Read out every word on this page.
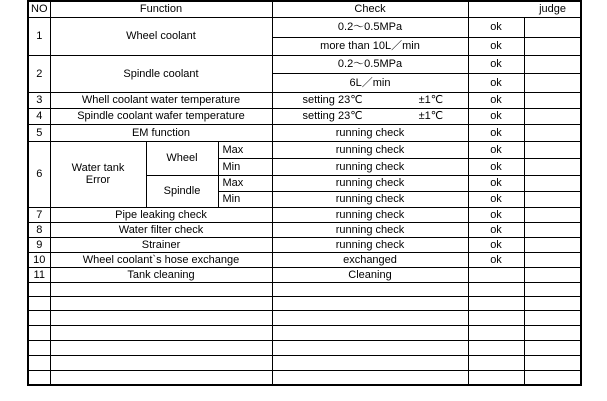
NO	Function			Check	judge	
1	Wheel coolant			0.2～0.5MPa	ok	
				more than 10L／min	ok	
2	Spindle coolant			0.2～0.5MPa	ok	
				6L／min	ok	
3	Whell coolant water temperature			setting 23℃ ±1℃	ok	
4	Spindle coolant wafer temperature			setting 23℃ ±1℃	ok	
5	EM function			running check	ok	
6	Water tank Error	Wheel	Max	running check	ok	
			Min	running check	ok	
		Spindle	Max	running check	ok	
			Min	running check	ok	
7	Pipe leaking check			running check	ok	
8	Water filter check			running check	ok	
9	Strainer			running check	ok	
10	Wheel coolant`s hose exchange			exchanged	ok	
11	Tank cleaning			Cleaning		
